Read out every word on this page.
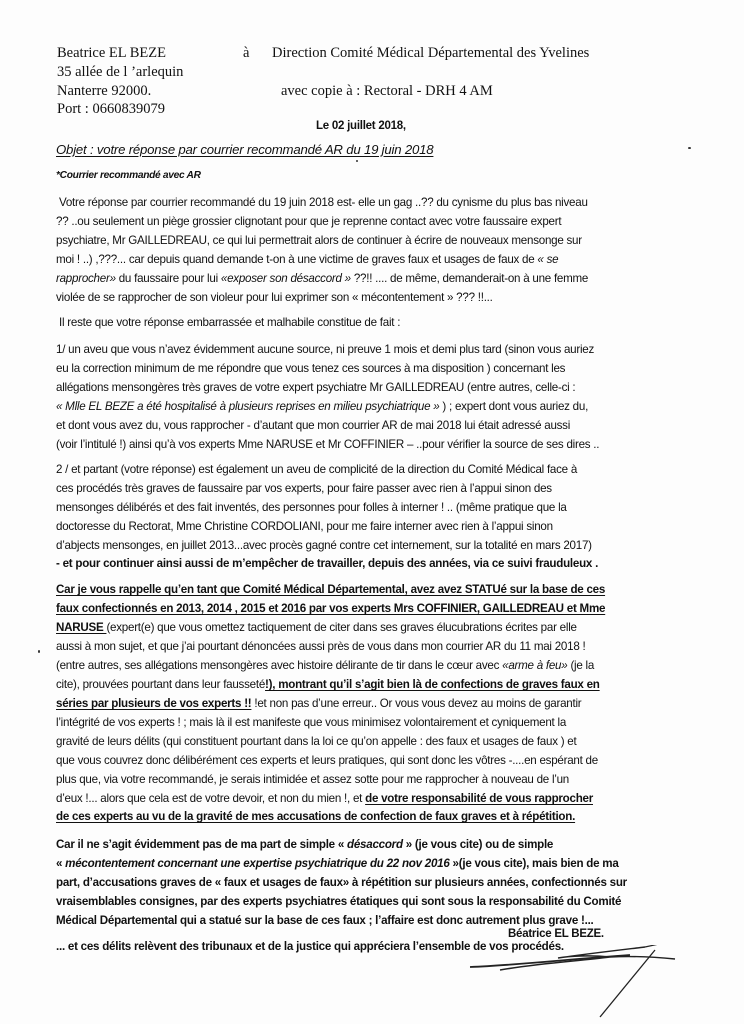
Beatrice EL BEZE
35 allée de l ’arlequin
Nanterre 92000.
Port : 0660839079
à Direction Comité Médical Départemental des Yvelines
avec copie à : Rectoral - DRH 4 AM
Le 02 juillet 2018,
Objet : votre réponse par courrier recommandé AR du 19 juin 2018
*Courrier recommandé avec AR
Votre réponse par courrier recommandé du 19 juin 2018 est- elle un gag ..?? du cynisme du plus bas niveau
?? ..ou seulement un piège grossier clignotant pour que je reprenne contact avec votre faussaire expert
psychiatre, Mr GAILLEDREAU, ce qui lui permettrait alors de continuer à écrire de nouveaux mensonge sur
moi ! ..) ,???... car depuis quand demande t-on à une victime de graves faux et usages de faux de « se
rapprocher» du faussaire pour lui «exposer son désaccord » ??!! .... de même, demanderait-on à une femme
violée de se rapprocher de son violeur pour lui exprimer son « mécontentement » ??? !!...
Il reste que votre réponse embarrassée et malhabile constitue de fait :
1/ un aveu que vous n’avez évidemment aucune source, ni preuve 1 mois et demi plus tard (sinon vous auriez
eu la correction minimum de me répondre que vous tenez ces sources à ma disposition ) concernant les
allégations mensongères très graves de votre expert psychiatre Mr GAILLEDREAU (entre autres, celle-ci :
« Mlle EL BEZE a été hospitalisé à plusieurs reprises en milieu psychiatrique » ) ; expert dont vous auriez du,
et dont vous avez du, vous rapprocher - d’autant que mon courrier AR de mai 2018 lui était adressé aussi
(voir l’intitulé !) ainsi qu’à vos experts Mme NARUSE et Mr COFFINIER – ..pour vérifier la source de ses dires ..
2 / et partant (votre réponse) est également un aveu de complicité de la direction du Comité Médical face à
ces procédés très graves de faussaire par vos experts, pour faire passer avec rien à l’appui sinon des
mensonges délibérés et des fait inventés, des personnes pour folles à interner ! .. (même pratique que la
doctoresse du Rectorat, Mme Christine CORDOLIANI, pour me faire interner avec rien à l’appui sinon
d’abjects mensonges, en juillet 2013...avec procès gagné contre cet internement, sur la totalité en mars 2017)
- et pour continuer ainsi aussi de m’empêcher de travailler, depuis des années, via ce suivi frauduleux .
Car je vous rappelle qu’en tant que Comité Médical Départemental, avez avez STATUé sur la base de ces
faux confectionnés en 2013, 2014 , 2015 et 2016 par vos experts Mrs COFFINIER, GAILLEDREAU et Mme
NARUSE (expert(e) que vous omettez tactiquement de citer dans ses graves élucubrations écrites par elle
aussi à mon sujet, et que j’ai pourtant dénoncées aussi près de vous dans mon courrier AR du 11 mai 2018 !
(entre autres, ses allégations mensongères avec histoire délirante de tir dans le cœur avec «arme à feu» (je la
cite), prouvées pourtant dans leur fausseté!), montrant qu’il s’agit bien là de confections de graves faux en
séries par plusieurs de vos experts !! !et non pas d’une erreur.. Or vous vous devez au moins de garantir
l’intégrité de vos experts ! ; mais là il est manifeste que vous minimisez volontairement et cyniquement la
gravité de leurs délits (qui constituent pourtant dans la loi ce qu’on appelle : des faux et usages de faux ) et
que vous couvrez donc délibérément ces experts et leurs pratiques, qui sont donc les vôtres -....en espérant de
plus que, via votre recommandé, je serais intimidée et assez sotte pour me rapprocher à nouveau de l’un
d’eux !... alors que cela est de votre devoir, et non du mien !, et de votre responsabilité de vous rapprocher
de ces experts au vu de la gravité de mes accusations de confection de faux graves et à répétition.
Car il ne s’agit évidemment pas de ma part de simple « désaccord » (je vous cite) ou de simple
« mécontentement concernant une expertise psychiatrique du 22 nov 2016 »(je vous cite), mais bien de ma
part, d’accusations graves de « faux et usages de faux» à répétition sur plusieurs années, confectionnés sur
vraisemblables consignes, par des experts psychiatres étatiques qui sont sous la responsabilité du Comité
Médical Départemental qui a statué sur la base de ces faux ; l’affaire est donc autrement plus grave !...
... et ces délits relèvent des tribunaux et de la justice qui appréciera l’ensemble de vos procédés.
Béatrice EL BEZE.
